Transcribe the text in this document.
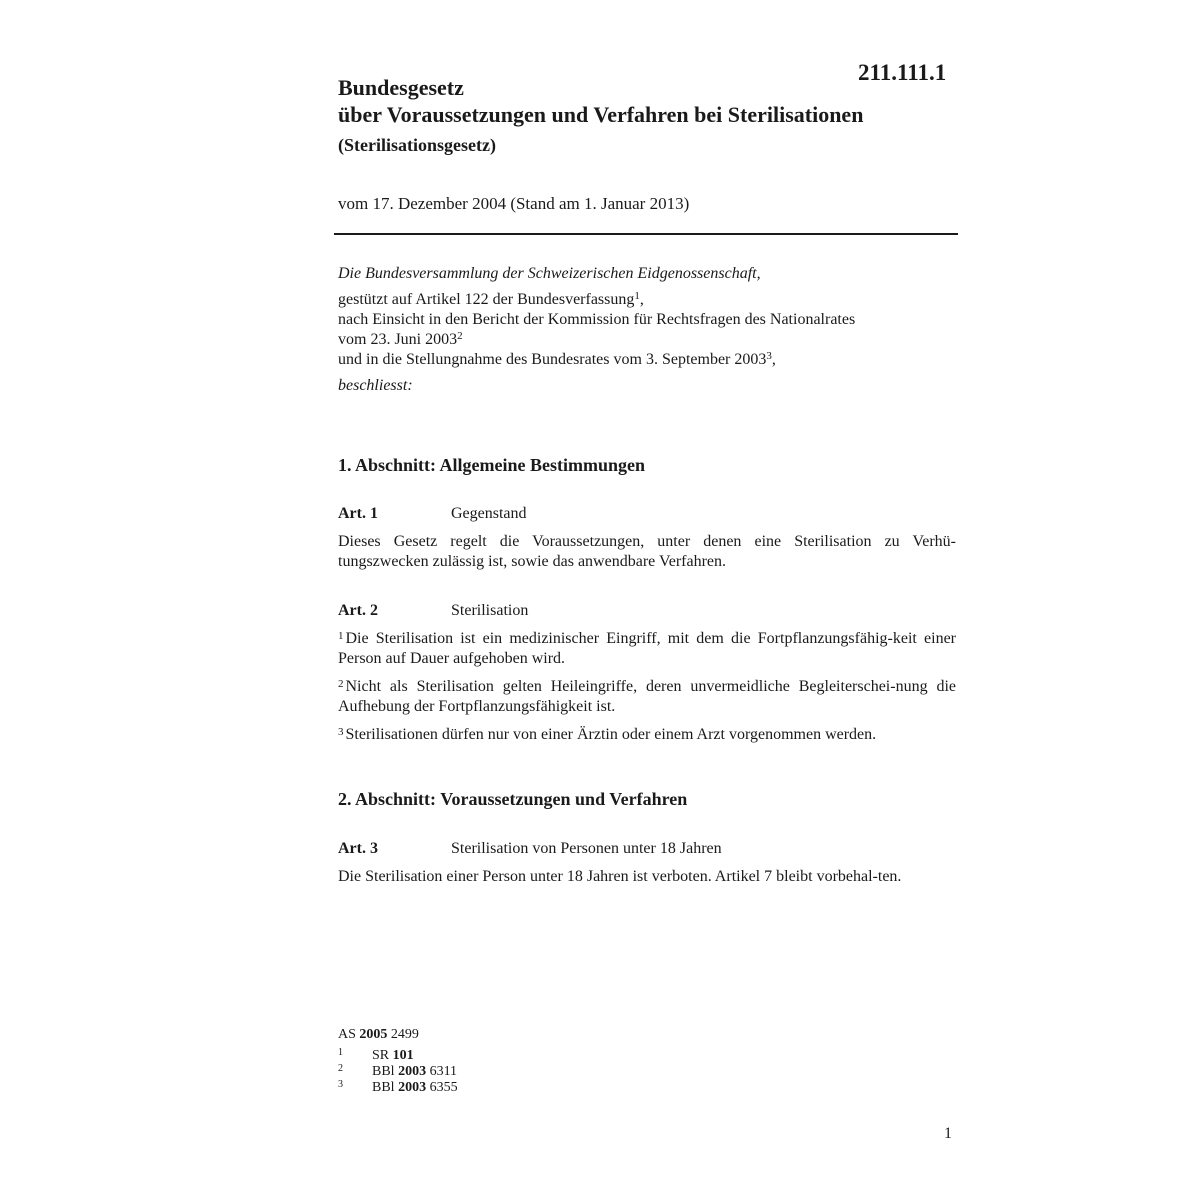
211.111.1
Bundesgesetz
über Voraussetzungen und Verfahren bei Sterilisationen
(Sterilisationsgesetz)
vom 17. Dezember 2004 (Stand am 1. Januar 2013)
Die Bundesversammlung der Schweizerischen Eidgenossenschaft,
gestützt auf Artikel 122 der Bundesverfassung$^1$,
nach Einsicht in den Bericht der Kommission für Rechtsfragen des Nationalrates
vom 23. Juni 2003$^2$
und in die Stellungnahme des Bundesrates vom 3. September 2003$^3$,
beschliesst:
1. Abschnitt: Allgemeine Bestimmungen
Art. 1	Gegenstand

Dieses Gesetz regelt die Voraussetzungen, unter denen eine Sterilisation zu Verhü-tungszwecken zulässig ist, sowie das anwendbare Verfahren.

Art. 2	Sterilisation

$^1$ Die Sterilisation ist ein medizinischer Eingriff, mit dem die Fortpflanzungsfähig-keit einer Person auf Dauer aufgehoben wird.

$^2$ Nicht als Sterilisation gelten Heileingriffe, deren unvermeidliche Begleiterschei-nung die Aufhebung der Fortpflanzungsfähigkeit ist.

$^3$ Sterilisationen dürfen nur von einer Ärztin oder einem Arzt vorgenommen werden.

2. Abschnitt: Voraussetzungen und Verfahren
Art. 3	Sterilisation von Personen unter 18 Jahren

Die Sterilisation einer Person unter 18 Jahren ist verboten. Artikel 7 bleibt vorbehal-ten.

AS 2005 2499
1 SR 101
2 BBl 2003 6311
3 BBl 2003 6355
1
